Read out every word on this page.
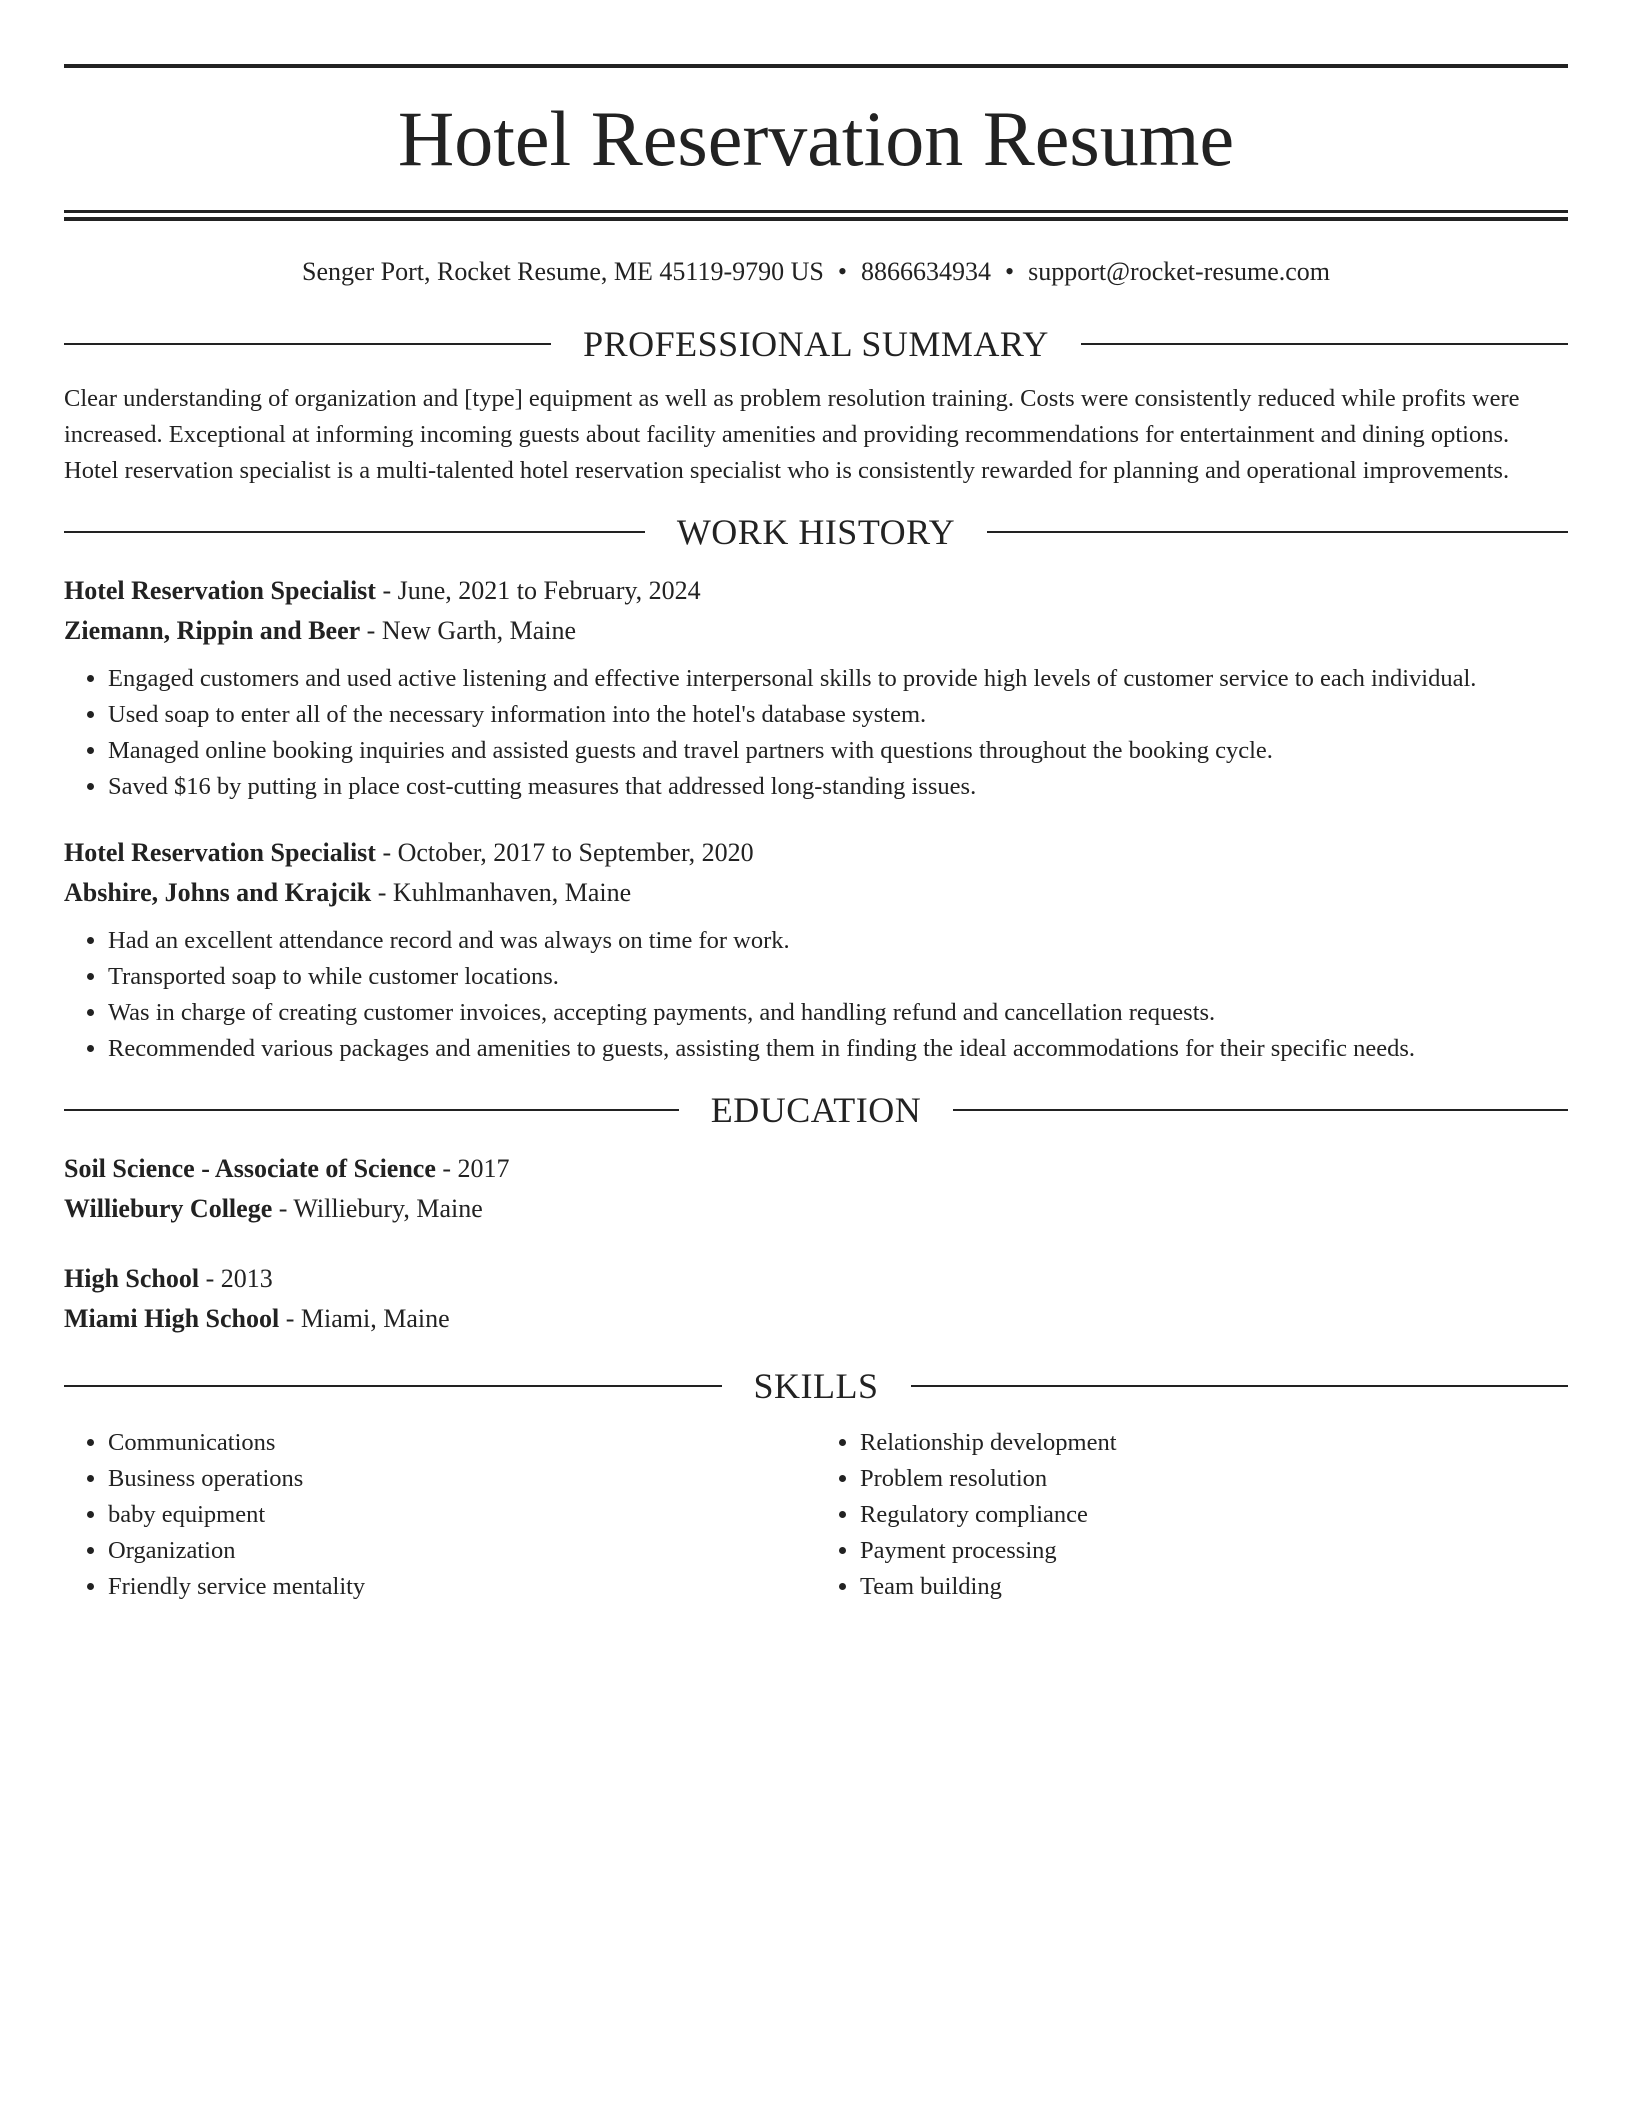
Hotel Reservation Resume
Senger Port, Rocket Resume, ME 45119-9790 US • 8866634934 • support@rocket-resume.com
PROFESSIONAL SUMMARY

Clear understanding of organization and [type] equipment as well as problem resolution training. Costs were consistently reduced while profits were increased. Exceptional at informing incoming guests about facility amenities and providing recommendations for entertainment and dining options. Hotel reservation specialist is a multi-talented hotel reservation specialist who is consistently rewarded for planning and operational improvements.

WORK HISTORY

Hotel Reservation Specialist - June, 2021 to February, 2024

Ziemann, Rippin and Beer - New Garth, Maine

• Engaged customers and used active listening and effective interpersonal skills to provide high levels of customer service to each individual.
• Used soap to enter all of the necessary information into the hotel's database system.
• Managed online booking inquiries and assisted guests and travel partners with questions throughout the booking cycle.
• Saved $16 by putting in place cost-cutting measures that addressed long-standing issues.

Hotel Reservation Specialist - October, 2017 to September, 2020

Abshire, Johns and Krajcik - Kuhlmanhaven, Maine

• Had an excellent attendance record and was always on time for work.
• Transported soap to while customer locations.
• Was in charge of creating customer invoices, accepting payments, and handling refund and cancellation requests.
• Recommended various packages and amenities to guests, assisting them in finding the ideal accommodations for their specific needs.
EDUCATION

Soil Science - Associate of Science - 2017

Williebury College - Williebury, Maine

High School - 2013

Miami High School - Miami, Maine

SKILLS
• Communications
• Business operations
• baby equipment
• Organization
• Friendly service mentality
• Relationship development
• Problem resolution
• Regulatory compliance
• Payment processing
• Team building
